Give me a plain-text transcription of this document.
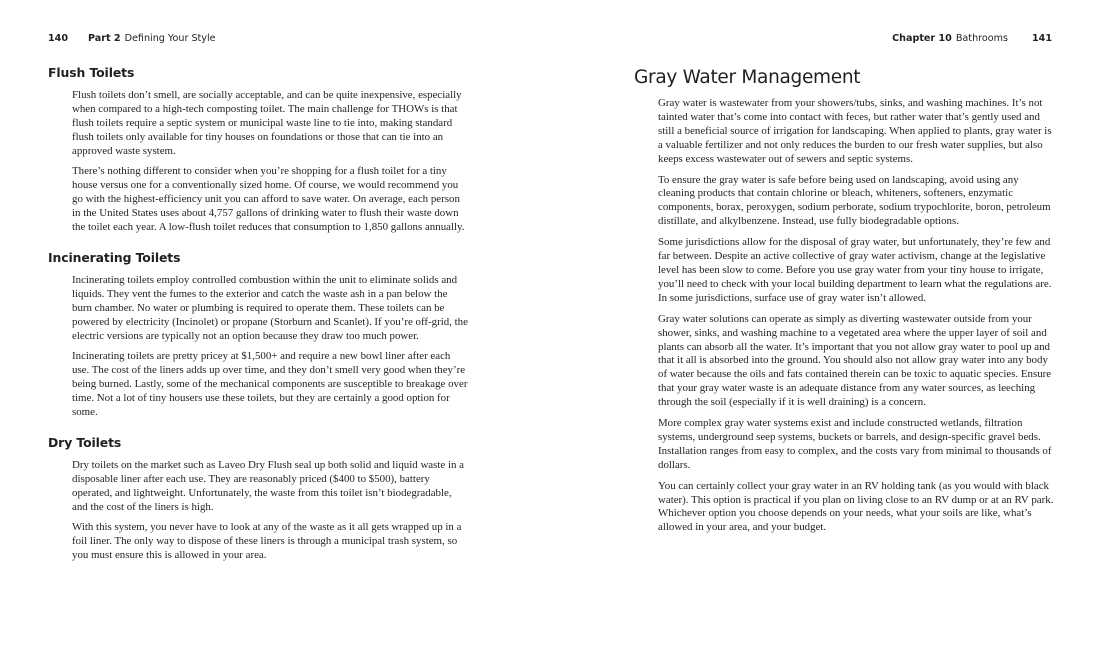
140 Part 2 Defining Your Style
Flush Toilets

Flush toilets don’t smell, are socially acceptable, and can be quite inexpensive, especially when compared to a high-tech composting toilet. The main challenge for THOWs is that flush toilets require a septic system or municipal waste line to tie into, making standard flush toilets only available for tiny houses on foundations or those that can tie into an approved waste system.

There’s nothing different to consider when you’re shopping for a flush toilet for a tiny house versus one for a conventionally sized home. Of course, we would recommend you go with the highest-efficiency unit you can afford to save water. On average, each person in the United States uses about 4,757 gallons of drinking water to flush their waste down the toilet each year. A low-flush toilet reduces that consumption to 1,850 gallons annually.

Incinerating Toilets

Incinerating toilets employ controlled combustion within the unit to eliminate solids and liquids. They vent the fumes to the exterior and catch the waste ash in a pan below the burn chamber. No water or plumbing is required to operate them. These toilets can be powered by electricity (Incinolet) or propane (Storburn and Scanlet). If you’re off-grid, the electric versions are typically not an option because they draw too much power.

Incinerating toilets are pretty pricey at $1,500+ and require a new bowl liner after each use. The cost of the liners adds up over time, and they don’t smell very good when they’re being burned. Lastly, some of the mechanical components are susceptible to breakage over time. Not a lot of tiny housers use these toilets, but they are certainly a good option for some.

Dry Toilets

Dry toilets on the market such as Laveo Dry Flush seal up both solid and liquid waste in a disposable liner after each use. They are reasonably priced ($400 to $500), battery operated, and lightweight. Unfortunately, the waste from this toilet isn’t biodegradable, and the cost of the liners is high.

With this system, you never have to look at any of the waste as it all gets wrapped up in a foil liner. The only way to dispose of these liners is through a municipal trash system, so you must ensure this is allowed in your area.

Chapter 10 Bathrooms	141
Gray Water Management

Gray water is wastewater from your showers/tubs, sinks, and washing machines. It’s not tainted water that’s come into contact with feces, but rather water that’s gently used and still a beneficial source of irrigation for landscaping. When applied to plants, gray water is a valuable fertilizer and not only reduces the burden to our fresh water supplies, but also keeps excess wastewater out of sewers and septic systems.

To ensure the gray water is safe before being used on landscaping, avoid using any cleaning products that contain chlorine or bleach, whiteners, softeners, enzymatic components, borax, peroxygen, sodium perborate, sodium trypochlorite, boron, petroleum distillate, and alkylbenzene. Instead, use fully biodegradable options.

Some jurisdictions allow for the disposal of gray water, but unfortunately, they’re few and far between. Despite an active collective of gray water activism, change at the legislative level has been slow to come. Before you use gray water from your tiny house to irrigate, you’ll need to check with your local building department to learn what the regulations are. In some jurisdictions, surface use of gray water isn’t allowed.

Gray water solutions can operate as simply as diverting wastewater outside from your shower, sinks, and washing machine to a vegetated area where the upper layer of soil and plants can absorb all the water. It’s important that you not allow gray water to pool up and that it all is absorbed into the ground. You should also not allow gray water into any body of water because the oils and fats contained therein can be toxic to aquatic species. Ensure that your gray water waste is an adequate distance from any water sources, as leeching through the soil (especially if it is well draining) is a concern.

More complex gray water systems exist and include constructed wetlands, filtration systems, underground seep systems, buckets or barrels, and design-specific gravel beds. Installation ranges from easy to complex, and the costs vary from minimal to thousands of dollars.

You can certainly collect your gray water in an RV holding tank (as you would with black water). This option is practical if you plan on living close to an RV dump or at an RV park. Whichever option you choose depends on your needs, what your soils are like, what’s allowed in your area, and your budget.
